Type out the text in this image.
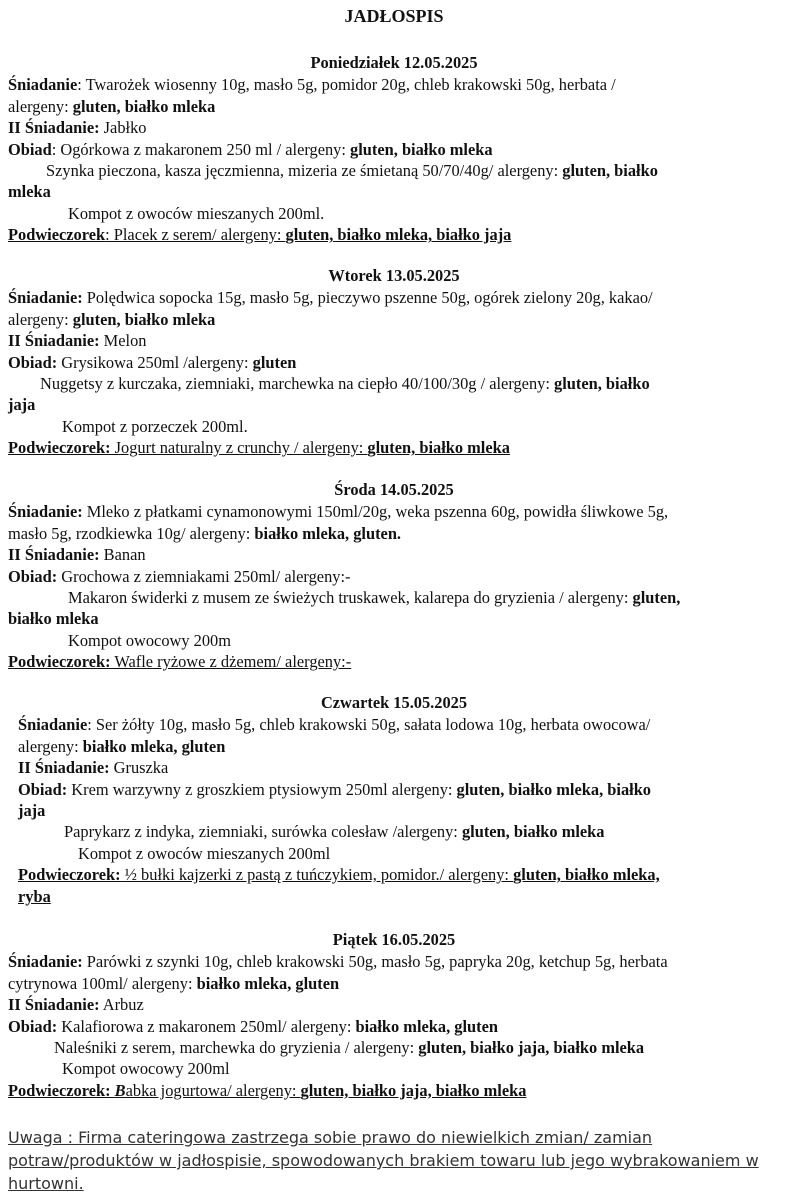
JADŁOSPIS
Poniedziałek 12.05.2025
Śniadanie: Twarożek wiosenny 10g, masło 5g, pomidor 20g, chleb krakowski 50g, herbata /
alergeny: gluten, białko mleka
II Śniadanie: Jabłko
Obiad: Ogórkowa z makaronem 250 ml / alergeny: gluten, białko mleka
Szynka pieczona, kasza jęczmienna, mizeria ze śmietaną 50/70/40g/ alergeny: gluten, białko
mleka
Kompot z owoców mieszanych 200ml.
Podwieczorek: Placek z serem/ alergeny: gluten, białko mleka, białko jaja
Wtorek 13.05.2025
Śniadanie: Polędwica sopocka 15g, masło 5g, pieczywo pszenne 50g, ogórek zielony 20g, kakao/
alergeny: gluten, białko mleka
II Śniadanie: Melon
Obiad: Grysikowa 250ml /alergeny: gluten
Nuggetsy z kurczaka, ziemniaki, marchewka na ciepło 40/100/30g / alergeny: gluten, białko
jaja
Kompot z porzeczek 200ml.
Podwieczorek: Jogurt naturalny z crunchy / alergeny: gluten, białko mleka
Środa 14.05.2025
Śniadanie: Mleko z płatkami cynamonowymi 150ml/20g, weka pszenna 60g, powidła śliwkowe 5g,
masło 5g, rzodkiewka 10g/ alergeny: białko mleka, gluten.
II Śniadanie: Banan
Obiad: Grochowa z ziemniakami 250ml/ alergeny:-
Makaron świderki z musem ze świeżych truskawek, kalarepa do gryzienia / alergeny: gluten,
białko mleka
Kompot owocowy 200m
Podwieczorek: Wafle ryżowe z dżemem/ alergeny:-
Czwartek 15.05.2025
Śniadanie: Ser żółty 10g, masło 5g, chleb krakowski 50g, sałata lodowa 10g, herbata owocowa/
alergeny: białko mleka, gluten
II Śniadanie: Gruszka
Obiad: Krem warzywny z groszkiem ptysiowym 250ml alergeny: gluten, białko mleka, białko
jaja
Paprykarz z indyka, ziemniaki, surówka colesław /alergeny: gluten, białko mleka
Kompot z owoców mieszanych 200ml
Podwieczorek: ½ bułki kajzerki z pastą z tuńczykiem, pomidor./ alergeny: gluten, białko mleka,
ryba
Piątek 16.05.2025
Śniadanie: Parówki z szynki 10g, chleb krakowski 50g, masło 5g, papryka 20g, ketchup 5g, herbata
cytrynowa 100ml/ alergeny: białko mleka, gluten
II Śniadanie: Arbuz
Obiad: Kalafiorowa z makaronem 250ml/ alergeny: białko mleka, gluten
Naleśniki z serem, marchewka do gryzienia / alergeny: gluten, białko jaja, białko mleka
Kompot owocowy 200ml
Podwieczorek: Babka jogurtowa/ alergeny: gluten, białko jaja, białko mleka
Uwaga : Firma cateringowa zastrzega sobie prawo do niewielkich zmian/ zamian
potraw/produktów w jadłospisie, spowodowanych brakiem towaru lub jego wybrakowaniem w
hurtowni.
